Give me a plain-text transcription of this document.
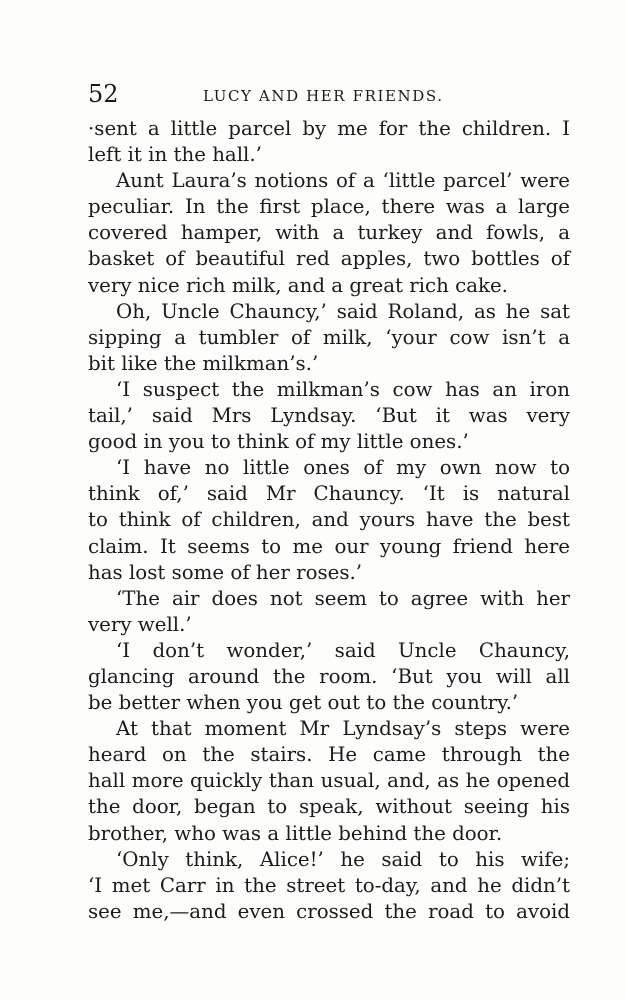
52	LUCY AND HER FRIENDS.
·sent a little parcel by me for the children. I
left it in the hall.’
Aunt Laura’s notions of a ‘little parcel’ were
peculiar. In the first place, there was a large
covered hamper, with a turkey and fowls, a
basket of beautiful red apples, two bottles of
very nice rich milk, and a great rich cake.
Oh, Uncle Chauncy,’ said Roland, as he sat
sipping a tumbler of milk, ‘your cow isn’t a
bit like the milkman’s.’
‘I suspect the milkman’s cow has an iron
tail,’ said Mrs Lyndsay. ‘But it was very
good in you to think of my little ones.’
‘I have no little ones of my own now to
think of,’ said Mr Chauncy. ‘It is natural
to think of children, and yours have the best
claim. It seems to me our young friend here
has lost some of her roses.’
‘The air does not seem to agree with her
very well.’
‘I don’t wonder,’ said Uncle Chauncy,
glancing around the room. ‘But you will all
be better when you get out to the country.’
At that moment Mr Lyndsay’s steps were
heard on the stairs. He came through the
hall more quickly than usual, and, as he opened
the door, began to speak, without seeing his
brother, who was a little behind the door.
‘Only think, Alice!’ he said to his wife;
‘I met Carr in the street to-day, and he didn’t
see me,—and even crossed the road to avoid
